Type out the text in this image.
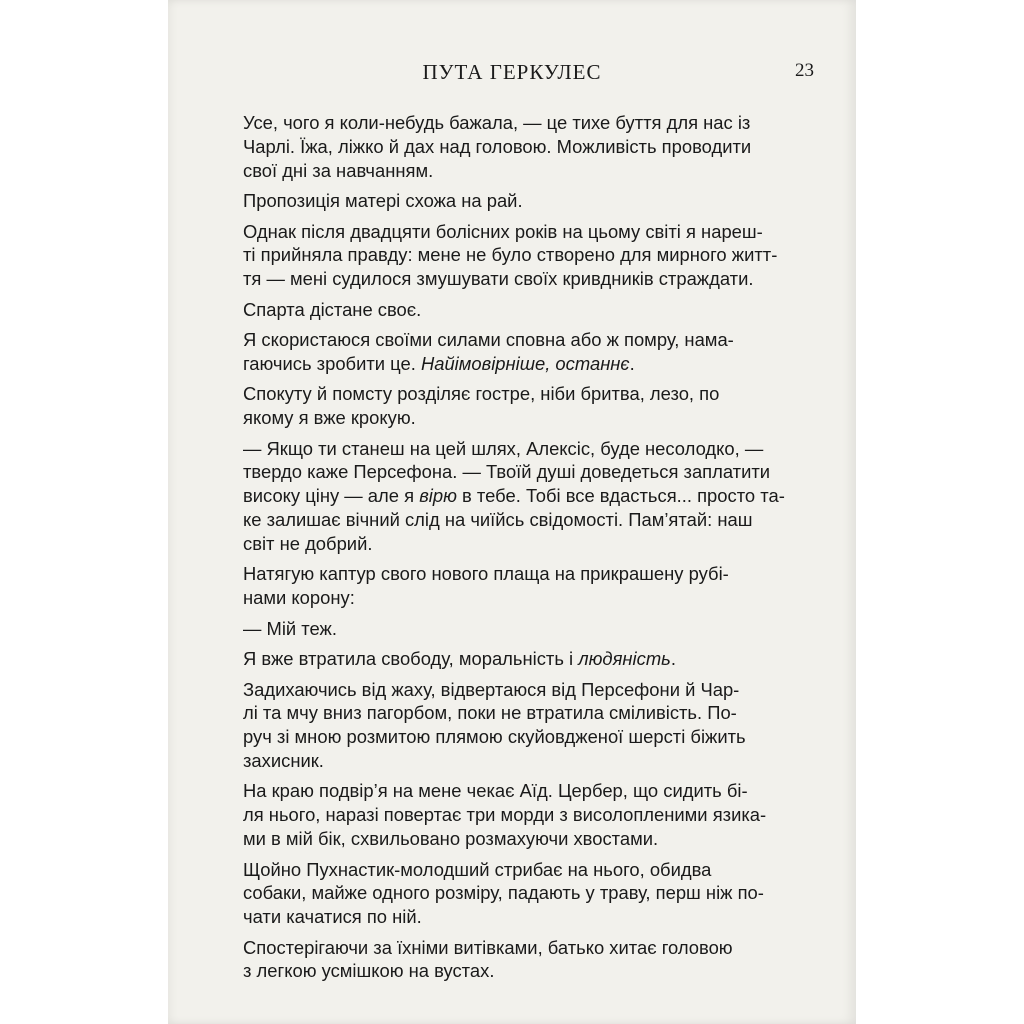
ПУТА ГЕРКУЛЕС	23
Усе, чого я коли-небудь бажала, — це тихе буття для нас із
Чарлі. Їжа, ліжко й дах над головою. Можливість проводити
свої дні за навчанням.
Пропозиція матері схожа на рай.
Однак після двадцяти болісних років на цьому світі я нареш-
ті прийняла правду: мене не було створено для мирного житт-
тя — мені судилося змушувати своїх кривдників страждати.
Спарта дістане своє.
Я скористаюся своїми силами сповна або ж помру, нама-
гаючись зробити це. Найімовірніше, останнє.
Спокуту й помсту розділяє гостре, ніби бритва, лезо, по
якому я вже крокую.
— Якщо ти станеш на цей шлях, Алексіс, буде несолодко, —
твердо каже Персефона. — Твоїй душі доведеться заплатити
високу ціну — але я вірю в тебе. Тобі все вдасться... просто та-
ке залишає вічний слід на чиїйсь свідомості. Пам’ятай: наш
світ не добрий.
Натягую каптур свого нового плаща на прикрашену рубі-
нами корону:
— Мій теж.
Я вже втратила свободу, моральність і людяність.
Задихаючись від жаху, відвертаюся від Персефони й Чар-
лі та мчу вниз пагорбом, поки не втратила сміливість. По-
руч зі мною розмитою плямою скуйовдженої шерсті біжить
захисник.
На краю подвір’я на мене чекає Аїд. Цербер, що сидить бі-
ля нього, наразі повертає три морди з висолопленими язика-
ми в мій бік, схвильовано розмахуючи хвостами.
Щойно Пухнастик-молодший стрибає на нього, обидва
собаки, майже одного розміру, падають у траву, перш ніж по-
чати качатися по ній.
Спостерігаючи за їхніми витівками, батько хитає головою
з легкою усмішкою на вустах.
